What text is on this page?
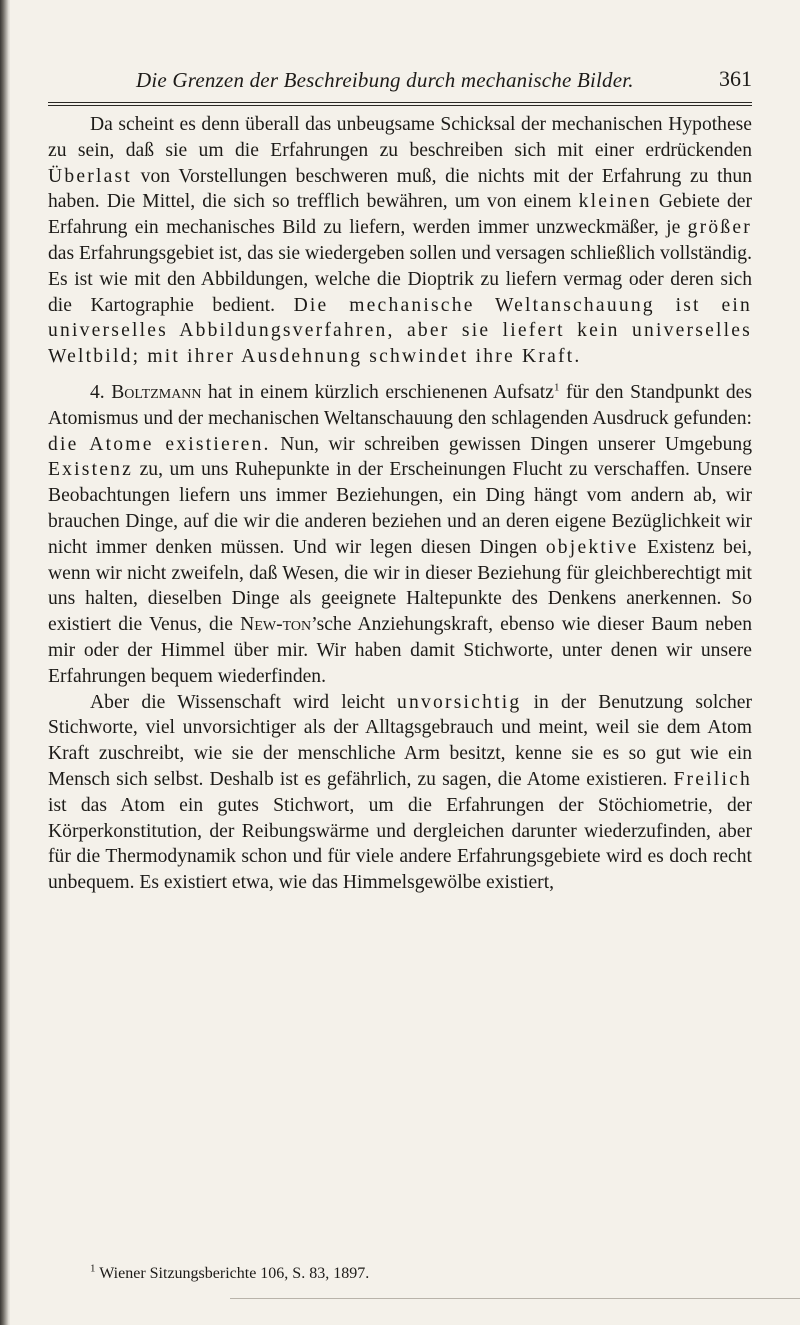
Die Grenzen der Beschreibung durch mechanische Bilder.	361

Da scheint es denn überall das unbeugsame Schicksal der mechanischen Hypothese zu sein, daß sie um die Erfahrungen zu beschreiben sich mit einer erdrückenden Überlast von Vorstellungen beschweren muß, die nichts mit der Erfahrung zu thun haben. Die Mittel, die sich so trefflich bewähren, um von einem kleinen Gebiete der Erfahrung ein mechanisches Bild zu liefern, werden immer unzweckmäßer, je größer das Erfahrungsgebiet ist, das sie wiedergeben sollen und versagen schließlich vollständig. Es ist wie mit den Abbildungen, welche die Dioptrik zu liefern vermag oder deren sich die Kartographie bedient. Die mechanische Weltanschauung ist ein universelles Abbildungsverfahren, aber sie liefert kein universelles Weltbild; mit ihrer Ausdehnung schwindet ihre Kraft.

4. Boltzmann hat in einem kürzlich erschienenen Aufsatz$^1$ für den Standpunkt des Atomismus und der mechanischen Weltanschauung den schlagenden Ausdruck gefunden: die Atome existieren. Nun, wir schreiben gewissen Dingen unserer Umgebung Existenz zu, um uns Ruhepunkte in der Erscheinungen Flucht zu verschaffen. Unsere Beobachtungen liefern uns immer Beziehungen, ein Ding hängt vom andern ab, wir brauchen Dinge, auf die wir die anderen beziehen und an deren eigene Bezüglichkeit wir nicht immer denken müssen. Und wir legen diesen Dingen objektive Existenz bei, wenn wir nicht zweifeln, daß Wesen, die wir in dieser Beziehung für gleichberechtigt mit uns halten, dieselben Dinge als geeignete Haltepunkte des Denkens anerkennen. So existiert die Venus, die New-ton’sche Anziehungskraft, ebenso wie dieser Baum neben mir oder der Himmel über mir. Wir haben damit Stichworte, unter denen wir unsere Erfahrungen bequem wiederfinden.

Aber die Wissenschaft wird leicht unvorsichtig in der Benutzung solcher Stichworte, viel unvorsichtiger als der Alltagsgebrauch und meint, weil sie dem Atom Kraft zuschreibt, wie sie der menschliche Arm besitzt, kenne sie es so gut wie ein Mensch sich selbst. Deshalb ist es gefährlich, zu sagen, die Atome existieren. Freilich ist das Atom ein gutes Stichwort, um die Erfahrungen der Stöchiometrie, der Körperkonstitution, der Reibungswärme und dergleichen darunter wiederzufinden, aber für die Thermodynamik schon und für viele andere Erfahrungsgebiete wird es doch recht unbequem. Es existiert etwa, wie das Himmelsgewölbe existiert,

$^1$ Wiener Sitzungsberichte 106, S. 83, 1897.
